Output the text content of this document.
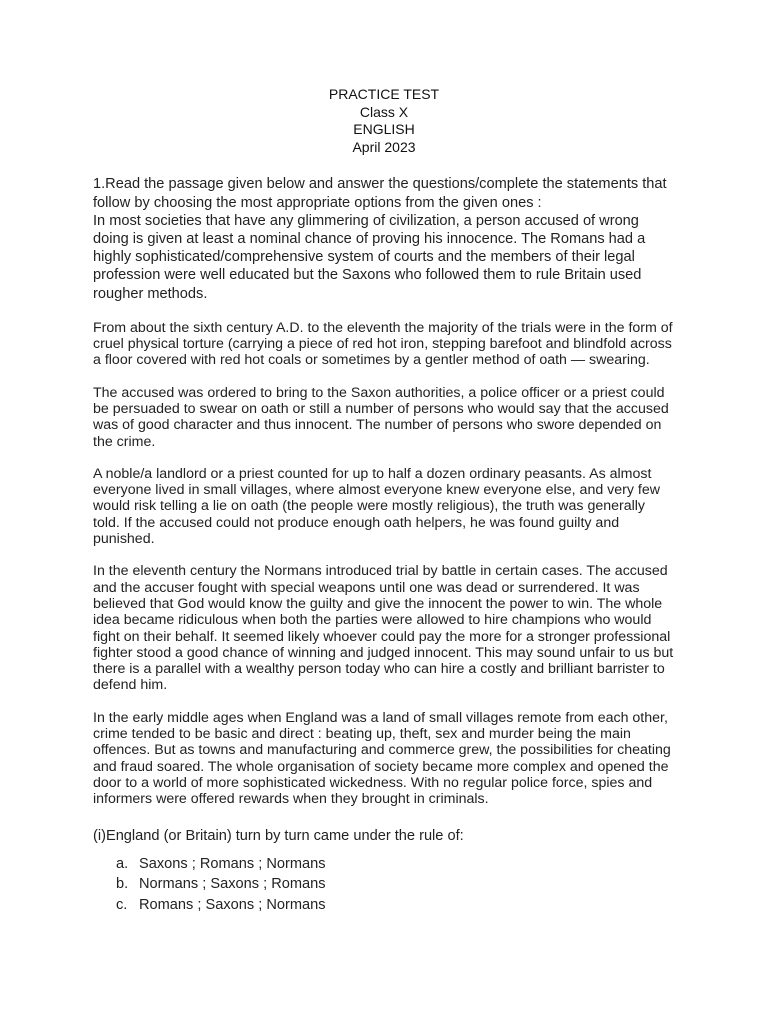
PRACTICE TEST
Class X
ENGLISH
April 2023

1.Read the passage given below and answer the questions/complete the statements that follow by choosing the most appropriate options from the given ones :

In most societies that have any glimmering of civilization, a person accused of wrong doing is given at least a nominal chance of proving his innocence. The Romans had a highly sophisticated/comprehensive system of courts and the members of their legal profession were well educated but the Saxons who followed them to rule Britain used rougher methods.

From about the sixth century A.D. to the eleventh the majority of the trials were in the form of cruel physical torture (carrying a piece of red hot iron, stepping barefoot and blindfold across a floor covered with red hot coals or sometimes by a gentler method of oath — swearing.

The accused was ordered to bring to the Saxon authorities, a police officer or a priest could be persuaded to swear on oath or still a number of persons who would say that the accused was of good character and thus innocent. The number of persons who swore depended on the crime.

A noble/a landlord or a priest counted for up to half a dozen ordinary peasants. As almost everyone lived in small villages, where almost everyone knew everyone else, and very few would risk telling a lie on oath (the people were mostly religious), the truth was generally told. If the accused could not produce enough oath helpers, he was found guilty and punished.

In the eleventh century the Normans introduced trial by battle in certain cases. The accused and the accuser fought with special weapons until one was dead or surrendered. It was believed that God would know the guilty and give the innocent the power to win. The whole idea became ridiculous when both the parties were allowed to hire champions who would fight on their behalf. It seemed likely whoever could pay the more for a stronger professional fighter stood a good chance of winning and judged innocent. This may sound unfair to us but there is a parallel with a wealthy person today who can hire a costly and brilliant barrister to defend him.

In the early middle ages when England was a land of small villages remote from each other, crime tended to be basic and direct : beating up, theft, sex and murder being the main offences. But as towns and manufacturing and commerce grew, the possibilities for cheating and fraud soared. The whole organisation of society became more complex and opened the door to a world of more sophisticated wickedness. With no regular police force, spies and informers were offered rewards when they brought in criminals.

(i)England (or Britain) turn by turn came under the rule of:

a. Saxons ; Romans ; Normans
b. Normans ; Saxons ; Romans
c. Romans ; Saxons ; Normans
